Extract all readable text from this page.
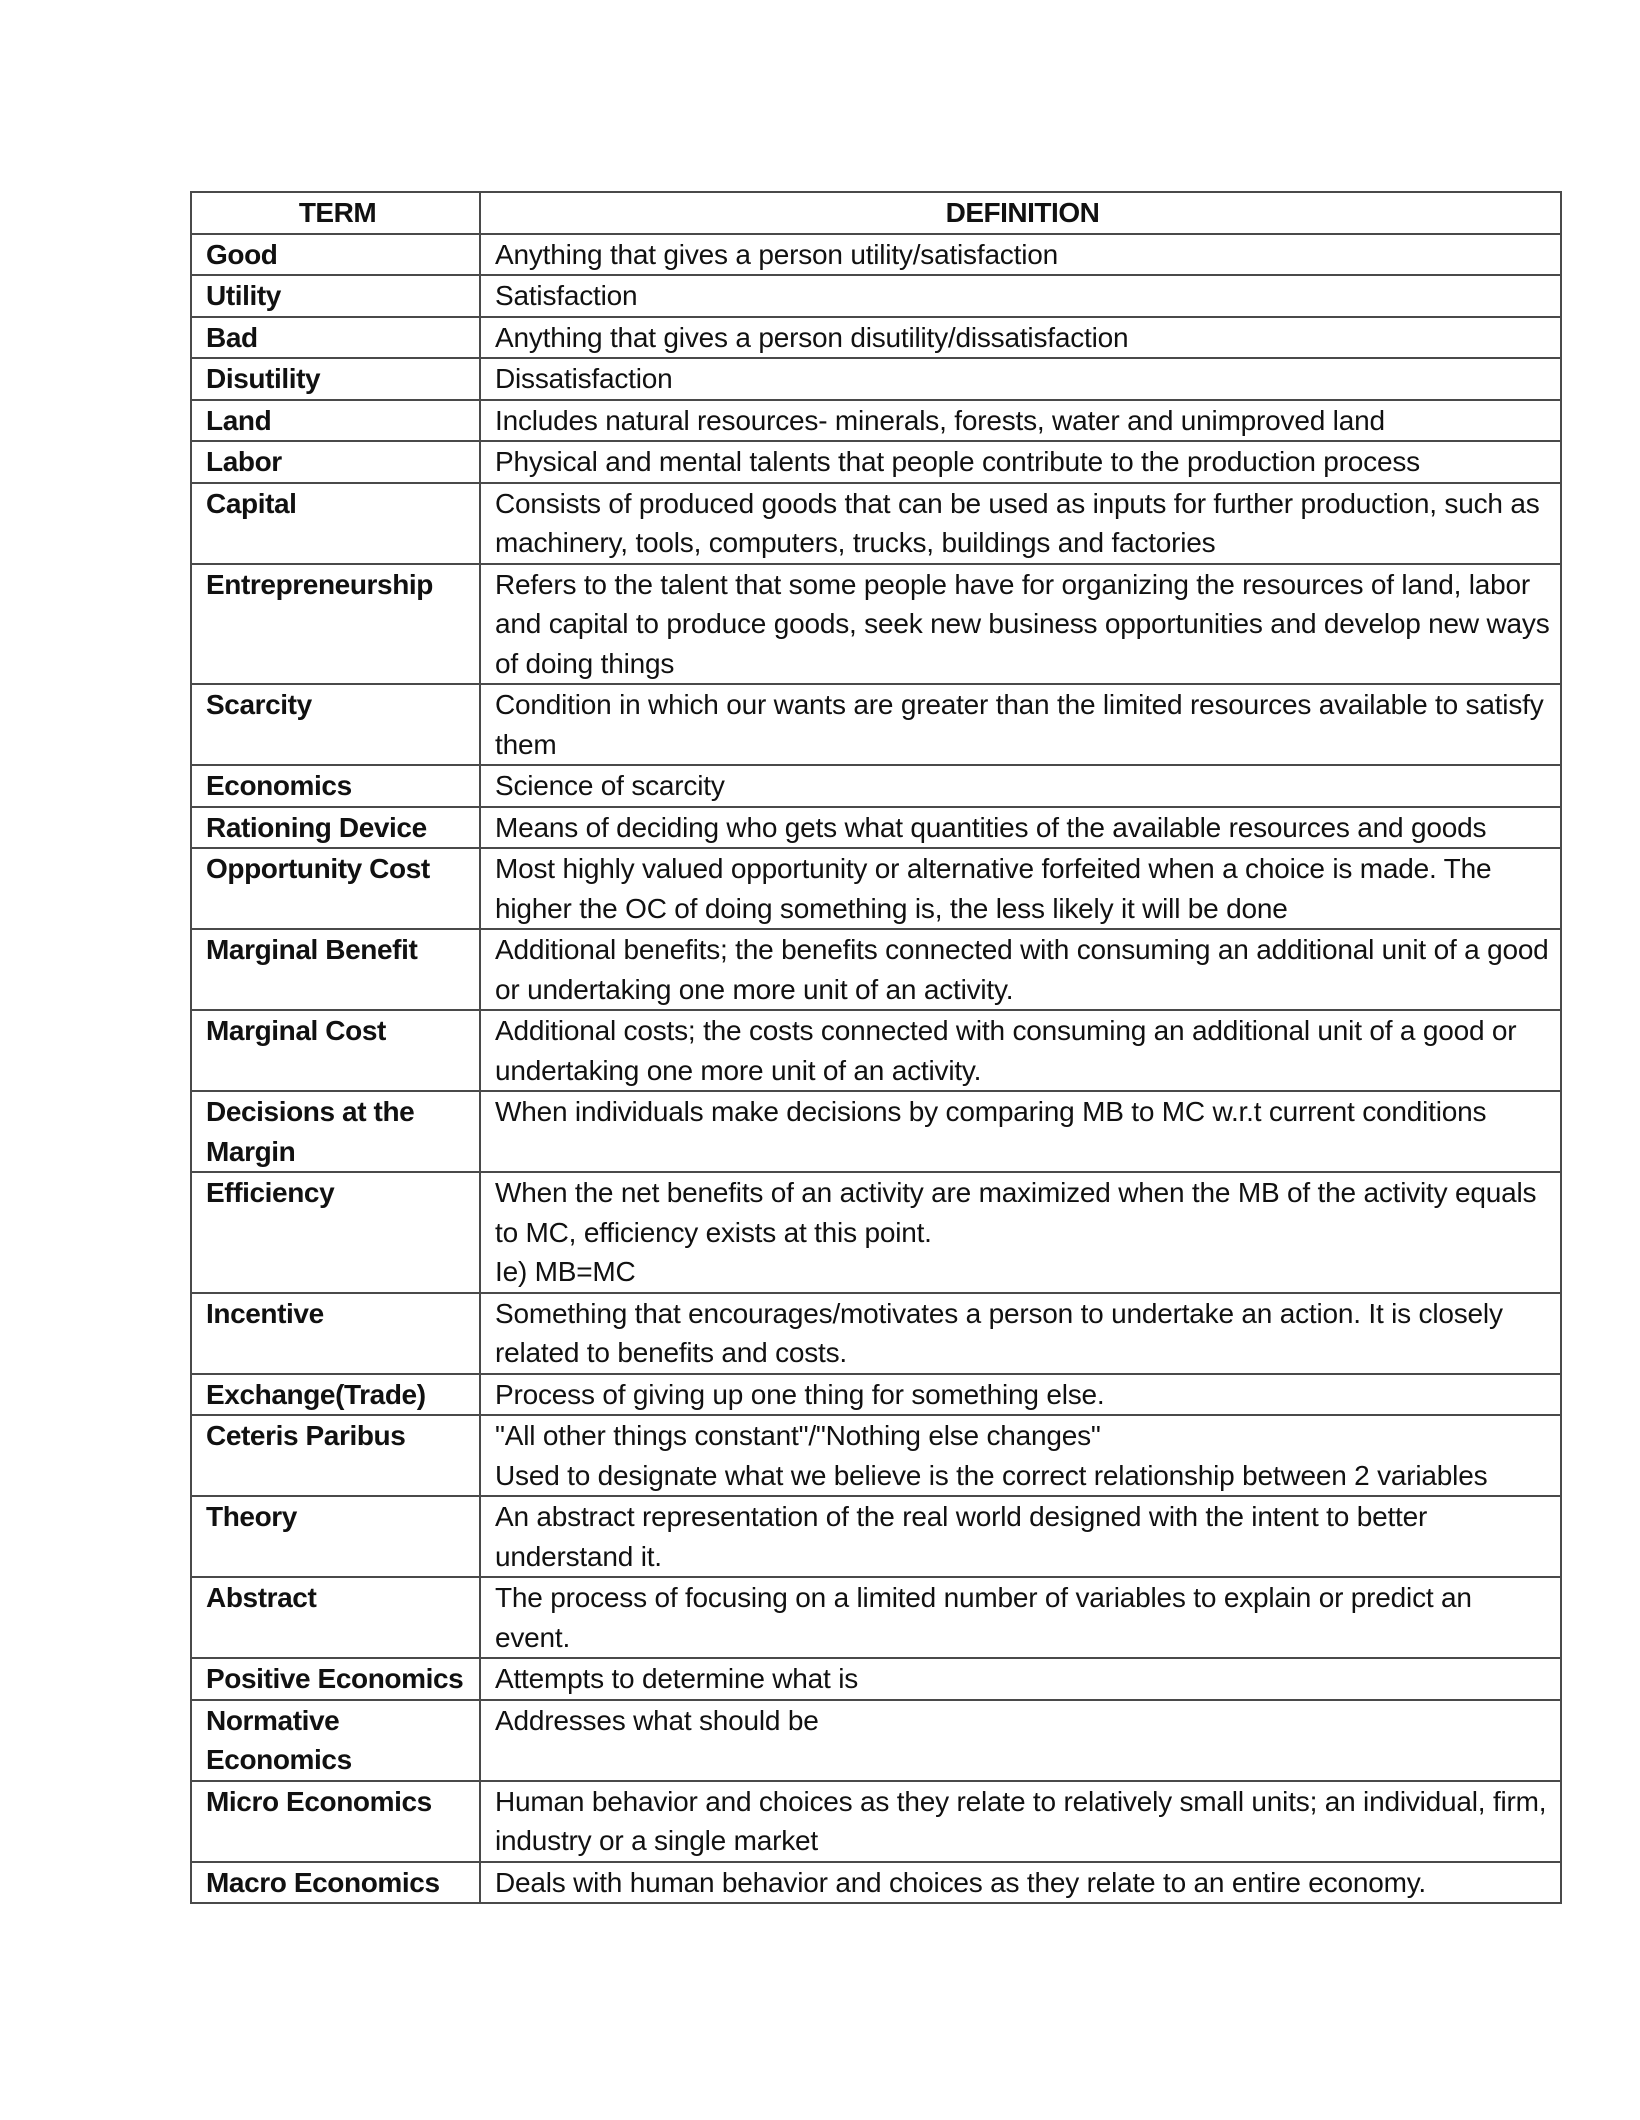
TERM	DEFINITION
Good	Anything that gives a person utility/satisfaction
Utility	Satisfaction
Bad	Anything that gives a person disutility/dissatisfaction
Disutility	Dissatisfaction
Land	Includes natural resources- minerals, forests, water and unimproved land
Labor	Physical and mental talents that people contribute to the production process
Capital	Consists of produced goods that can be used as inputs for further production, such as machinery, tools, computers, trucks, buildings and factories
Entrepreneurship	Refers to the talent that some people have for organizing the resources of land, labor and capital to produce goods, seek new business opportunities and develop new ways of doing things
Scarcity	Condition in which our wants are greater than the limited resources available to satisfy them
Economics	Science of scarcity
Rationing Device	Means of deciding who gets what quantities of the available resources and goods
Opportunity Cost	Most highly valued opportunity or alternative forfeited when a choice is made. The higher the OC of doing something is, the less likely it will be done
Marginal Benefit	Additional benefits; the benefits connected with consuming an additional unit of a good or undertaking one more unit of an activity.
Marginal Cost	Additional costs; the costs connected with consuming an additional unit of a good or undertaking one more unit of an activity.
Decisions at the Margin	When individuals make decisions by comparing MB to MC w.r.t current conditions
Efficiency	When the net benefits of an activity are maximized when the MB of the activity equals to MC, efficiency exists at this point.
Ie) MB=MC
Incentive	Something that encourages/motivates a person to undertake an action. It is closely related to benefits and costs.
Exchange(Trade)	Process of giving up one thing for something else.
Ceteris Paribus	"All other things constant"/"Nothing else changes"
Used to designate what we believe is the correct relationship between 2 variables
Theory	An abstract representation of the real world designed with the intent to better understand it.
Abstract	The process of focusing on a limited number of variables to explain or predict an event.
Positive Economics	Attempts to determine what is
Normative Economics	Addresses what should be
Micro Economics	Human behavior and choices as they relate to relatively small units; an individual, firm, industry or a single market
Macro Economics	Deals with human behavior and choices as they relate to an entire economy.
